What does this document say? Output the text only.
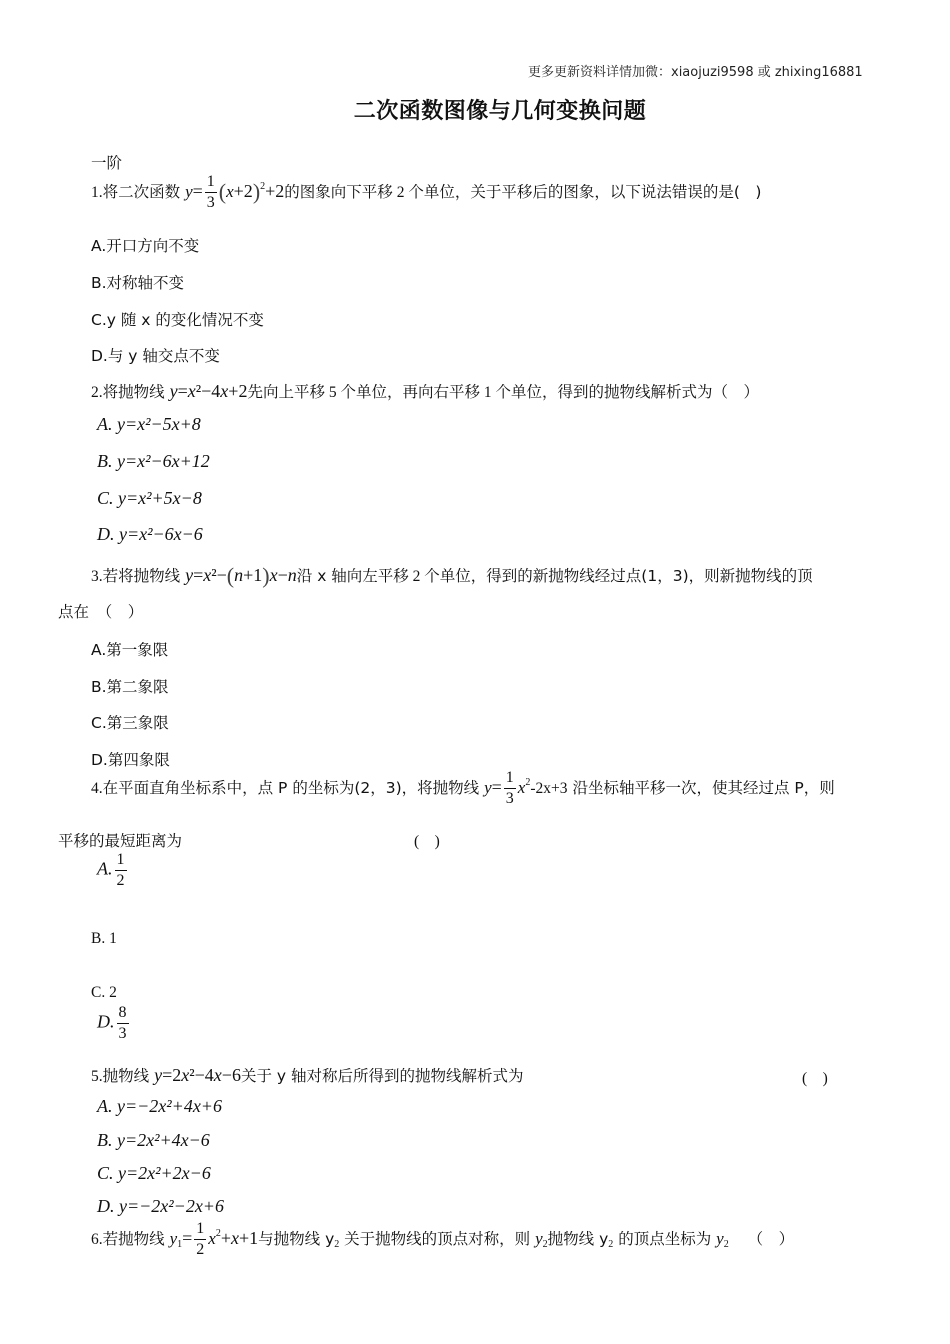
更多更新资料详情加微：xiaojuzi9598 或 zhixing16881
二次函数图像与几何变换问题
一阶
1.将二次函数 $y= \frac{1}{3} (x+2)^2+2$的图象向下平移 2 个单位，关于平移后的图象，以下说法错误的是(　)
A.开口方向不变
B.对称轴不变
C.y 随 x 的变化情况不变
D.与 y 轴交点不变
2.将抛物线 y=x²−4x+2先向上平移 5 个单位，再向右平移 1 个单位，得到的抛物线解析式为（　）
A. y=x²−5x+8
B. y=x²−6x+12
C. y=x²+5x−8
D. y=x²−6x−6
3.若将抛物线 y=x²−(n+1)x−n沿 x 轴向左平移 2 个单位，得到的新抛物线经过点(1，3)，则新抛物线的顶
点在　（　）
A.第一象限
B.第二象限
C.第三象限
D.第四象限
4.在平面直角坐标系中，点 P 的坐标为(2，3)，将抛物线 $y= \frac{1}{3} x^2-2x+3$ 沿坐标轴平移一次，使其经过点 P，则
平移的最短距离为	(　)
A. $\frac{1}{2}$
B. 1
C. 2
D. $\frac{8}{3}$
5.抛物线 y=2x²−4x−6关于 y 轴对称后所得到的抛物线解析式为	(　)
A. y=−2x²+4x+6
B. y=2x²+4x−6
C. y=2x²+2x−6
D. y=−2x²−2x+6
6.若抛物线 $y_1= \frac{1}{2} x^2+x+1$与抛物线 $y_2$ 关于抛物线的顶点对称，则 $y_2$抛物线 $y_2$ 的顶点坐标为 $y_2$ （　）
